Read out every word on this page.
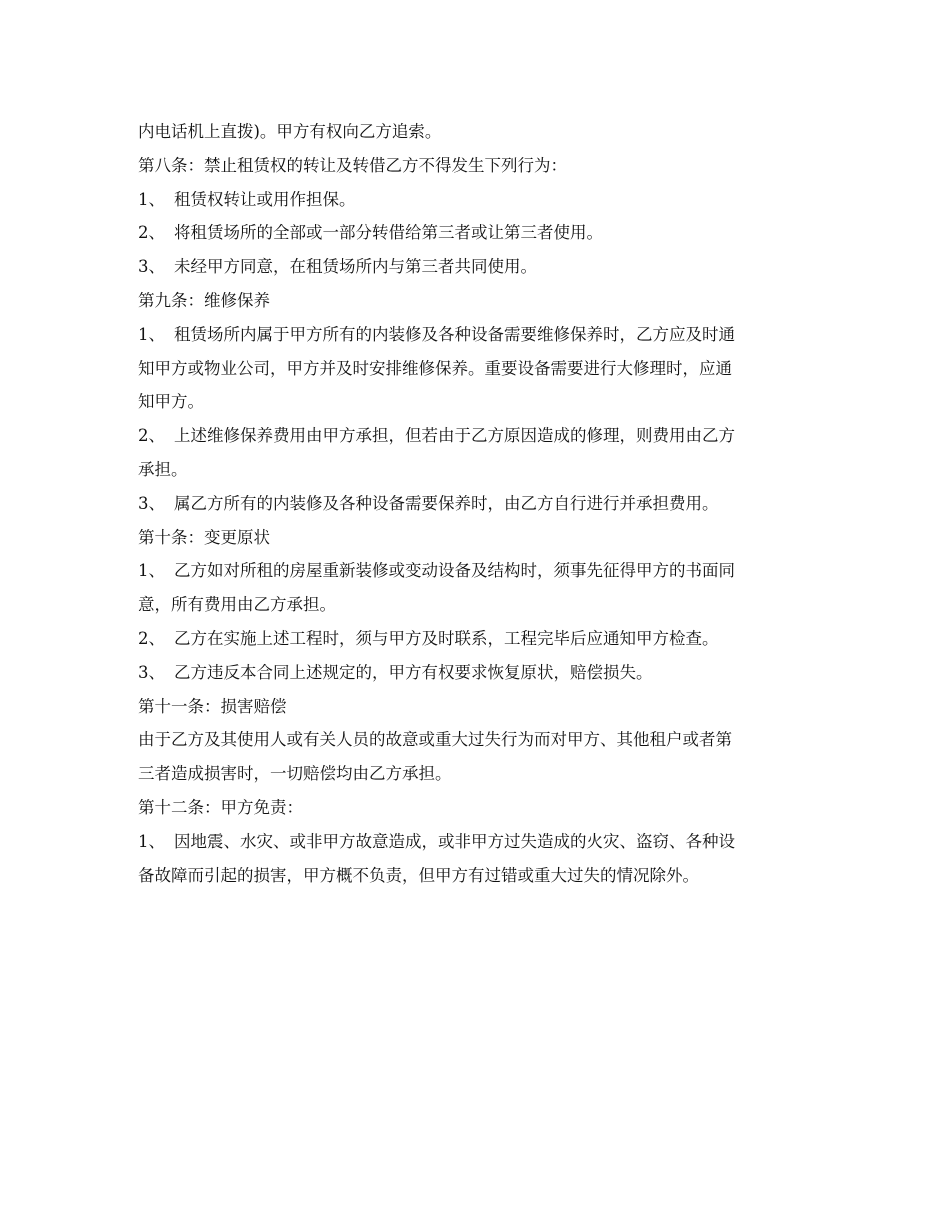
内电话机上直拨)。甲方有权向乙方追索。
第八条：禁止租赁权的转让及转借乙方不得发生下列行为：
1、 租赁权转让或用作担保。
2、 将租赁场所的全部或一部分转借给第三者或让第三者使用。
3、 未经甲方同意，在租赁场所内与第三者共同使用。
第九条：维修保养
1、 租赁场所内属于甲方所有的内装修及各种设备需要维修保养时，乙方应及时通
知甲方或物业公司，甲方并及时安排维修保养。重要设备需要进行大修理时，应通
知甲方。
2、 上述维修保养费用由甲方承担，但若由于乙方原因造成的修理，则费用由乙方
承担。
3、 属乙方所有的内装修及各种设备需要保养时，由乙方自行进行并承担费用。
第十条：变更原状
1、 乙方如对所租的房屋重新装修或变动设备及结构时，须事先征得甲方的书面同
意，所有费用由乙方承担。
2、 乙方在实施上述工程时，须与甲方及时联系，工程完毕后应通知甲方检查。
3、 乙方违反本合同上述规定的，甲方有权要求恢复原状，赔偿损失。
第十一条：损害赔偿
由于乙方及其使用人或有关人员的故意或重大过失行为而对甲方、其他租户或者第
三者造成损害时，一切赔偿均由乙方承担。
第十二条：甲方免责：
1、 因地震、水灾、或非甲方故意造成，或非甲方过失造成的火灾、盗窃、各种设
备故障而引起的损害，甲方概不负责，但甲方有过错或重大过失的情况除外。
